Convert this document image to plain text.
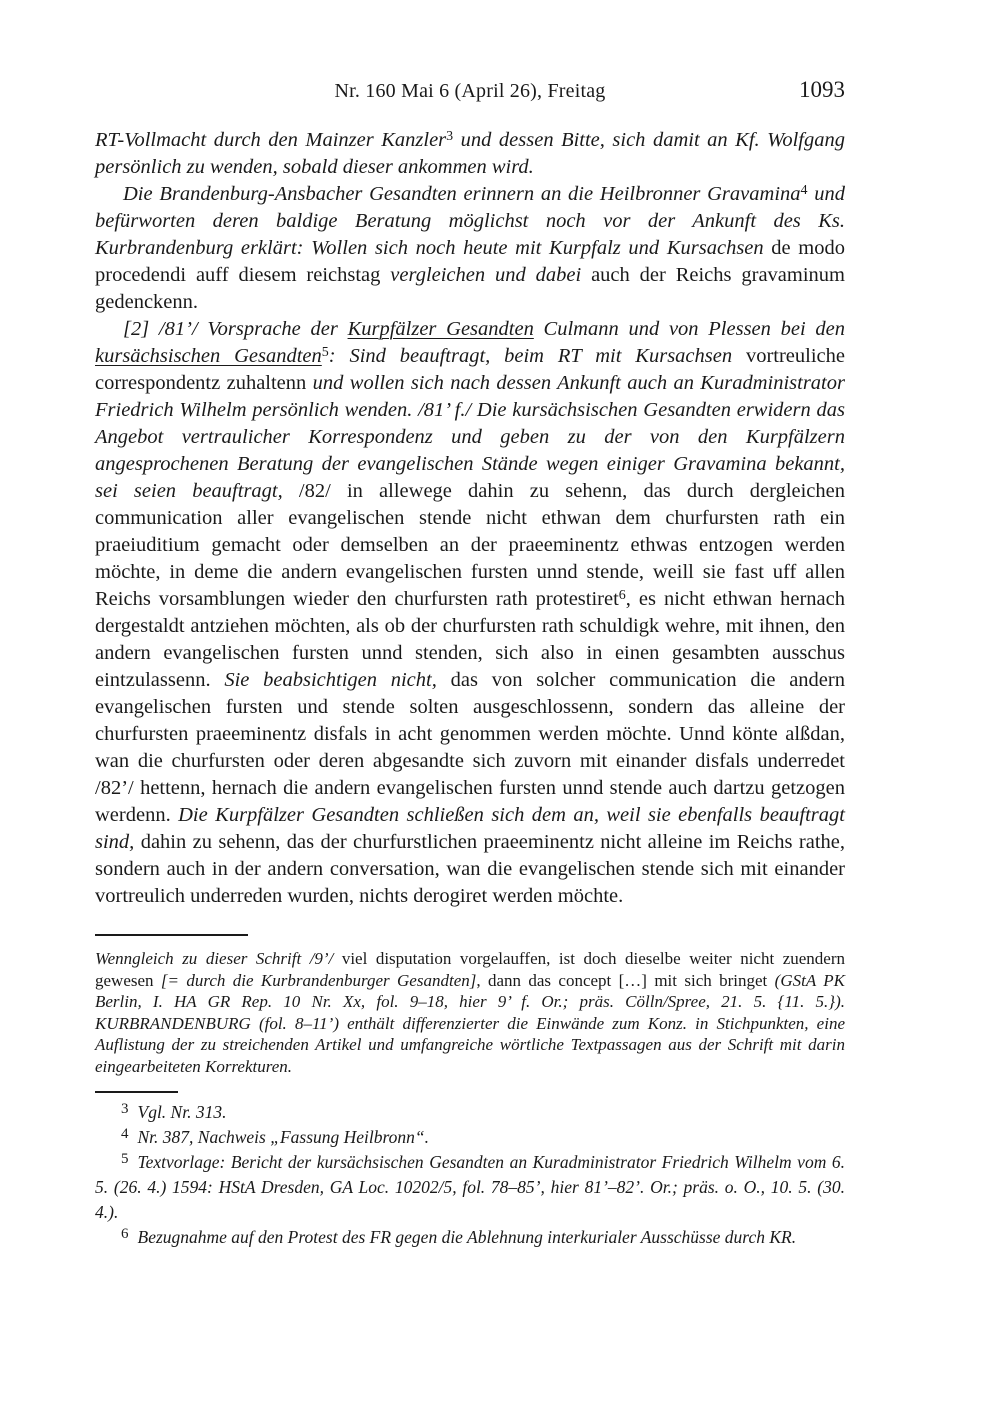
Nr. 160 Mai 6 (April 26), Freitag	1093

RT-Vollmacht durch den Mainzer Kanzler$^3$ und dessen Bitte, sich damit an Kf. Wolfgang persönlich zu wenden, sobald dieser ankommen wird.

Die Brandenburg-Ansbacher Gesandten erinnern an die Heilbronner Gravamina$^4$ und befürworten deren baldige Beratung möglichst noch vor der Ankunft des Ks. Kurbrandenburg erklärt: Wollen sich noch heute mit Kurpfalz und Kursachsen de modo procedendi auff diesem reichstag vergleichen und dabei auch der Reichs gravaminum gedenckenn.

[2] /81’/ Vorsprache der Kurpfälzer Gesandten Culmann und von Plessen bei den kursächsischen Gesandten$^5$: Sind beauftragt, beim RT mit Kursachsen vortreuliche correspondentz zuhaltenn und wollen sich nach dessen Ankunft auch an Kuradministrator Friedrich Wilhelm persönlich wenden. /81’ f./ Die kursächsischen Gesandten erwidern das Angebot vertraulicher Korrespondenz und geben zu der von den Kurpfälzern angesprochenen Beratung der evangelischen Stände wegen einiger Gravamina bekannt, sei seien beauftragt, /82/ in allewege dahin zu sehenn, das durch dergleichen communication aller evangelischen stende nicht ethwan dem churfursten rath ein praeiuditium gemacht oder demselben an der praeeminentz ethwas entzogen werden möchte, in deme die andern evangelischen fursten unnd stende, weill sie fast uff allen Reichs vorsamblungen wieder den churfursten rath protestiret$^6$, es nicht ethwan hernach dergestaldt antziehen möchten, als ob der churfursten rath schuldigk wehre, mit ihnen, den andern evangelischen fursten unnd stenden, sich also in einen gesambten ausschus eintzulassenn. Sie beabsichtigen nicht, das von solcher communication die andern evangelischen fursten und stende solten ausgeschlossenn, sondern das alleine der churfursten praeeminentz disfals in acht genommen werden möchte. Unnd könte alßdan, wan die churfursten oder deren abgesandte sich zuvorn mit einander disfals underredet /82’/ hettenn, hernach die andern evangelischen fursten unnd stende auch dartzu getzogen werdenn. Die Kurpfälzer Gesandten schließen sich dem an, weil sie ebenfalls beauftragt sind, dahin zu sehenn, das der churfurstlichen praeeminentz nicht alleine im Reichs rathe, sondern auch in der andern conversation, wan die evangelischen stende sich mit einander vortreulich underreden wurden, nichts derogiret werden möchte.

Wenngleich zu dieser Schrift /9’/ viel disputation vorgelauffen, ist doch dieselbe weiter nicht zuendern gewesen [= durch die Kurbrandenburger Gesandten], dann das concept […] mit sich bringet (GStA PK Berlin, I. HA GR Rep. 10 Nr. Xx, fol. 9–18, hier 9’ f. Or.; präs. Cölln/Spree, 21. 5. {11. 5.}). KURBRANDENBURG (fol. 8–11’) enthält differenzierter die Einwände zum Konz. in Stichpunkten, eine Auflistung der zu streichenden Artikel und umfangreiche wörtliche Textpassagen aus der Schrift mit darin eingearbeiteten Korrekturen.

$^3$ Vgl. Nr. 313.

$^4$ Nr. 387, Nachweis „Fassung Heilbronn“.

$^5$ Textvorlage: Bericht der kursächsischen Gesandten an Kuradministrator Friedrich Wilhelm vom 6. 5. (26. 4.) 1594: HStA Dresden, GA Loc. 10202/5, fol. 78–85’, hier 81’–82’. Or.; präs. o. O., 10. 5. (30. 4.).

$^6$ Bezugnahme auf den Protest des FR gegen die Ablehnung interkurialer Ausschüsse durch KR.
